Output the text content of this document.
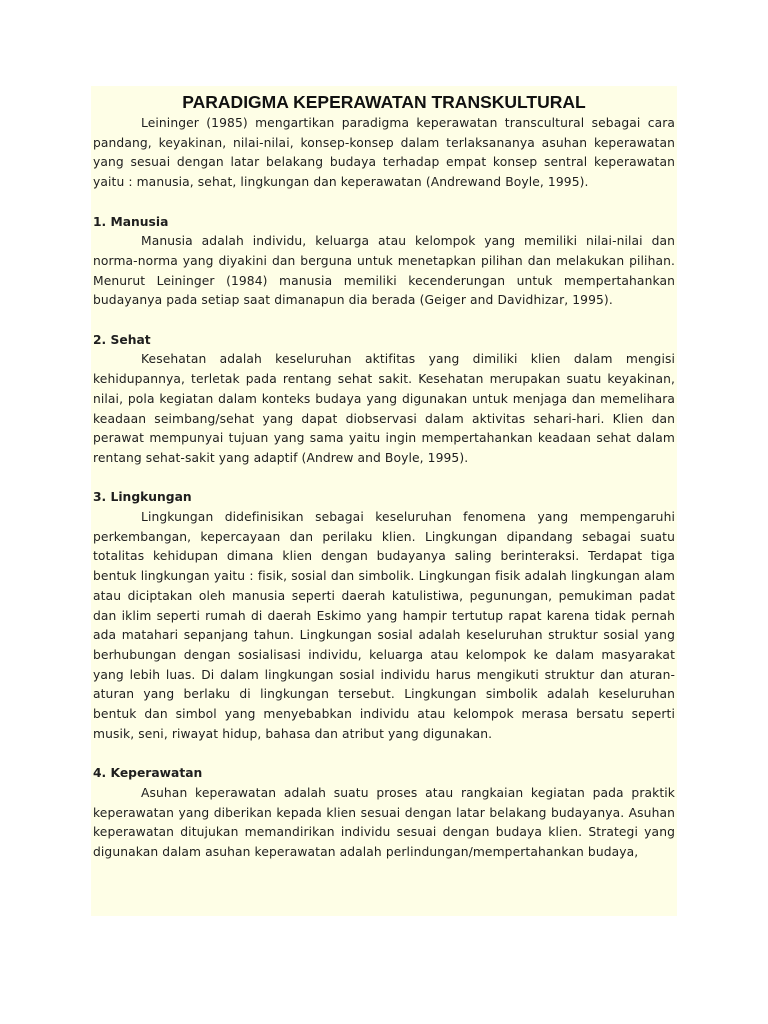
PARADIGMA KEPERAWATAN TRANSKULTURAL

Leininger (1985) mengartikan paradigma keperawatan transcultural sebagai cara pandang, keyakinan, nilai-nilai, konsep-konsep dalam terlaksananya asuhan keperawatan yang sesuai dengan latar belakang budaya terhadap empat konsep sentral keperawatan yaitu : manusia, sehat, lingkungan dan keperawatan (Andrewand Boyle, 1995).

1. Manusia

Manusia adalah individu, keluarga atau kelompok yang memiliki nilai-nilai dan norma-norma yang diyakini dan berguna untuk menetapkan pilihan dan melakukan pilihan. Menurut Leininger (1984) manusia memiliki kecenderungan untuk mempertahankan budayanya pada setiap saat dimanapun dia berada (Geiger and Davidhizar, 1995).

2. Sehat

Kesehatan adalah keseluruhan aktifitas yang dimiliki klien dalam mengisi kehidupannya, terletak pada rentang sehat sakit. Kesehatan merupakan suatu keyakinan, nilai, pola kegiatan dalam konteks budaya yang digunakan untuk menjaga dan memelihara keadaan seimbang/sehat yang dapat diobservasi dalam aktivitas sehari-hari. Klien dan perawat mempunyai tujuan yang sama yaitu ingin mempertahankan keadaan sehat dalam rentang sehat-sakit yang adaptif (Andrew and Boyle, 1995).

3. Lingkungan

Lingkungan didefinisikan sebagai keseluruhan fenomena yang mempengaruhi perkembangan, kepercayaan dan perilaku klien. Lingkungan dipandang sebagai suatu totalitas kehidupan dimana klien dengan budayanya saling berinteraksi. Terdapat tiga bentuk lingkungan yaitu : fisik, sosial dan simbolik. Lingkungan fisik adalah lingkungan alam atau diciptakan oleh manusia seperti daerah katulistiwa, pegunungan, pemukiman padat dan iklim seperti rumah di daerah Eskimo yang hampir tertutup rapat karena tidak pernah ada matahari sepanjang tahun. Lingkungan sosial adalah keseluruhan struktur sosial yang berhubungan dengan sosialisasi individu, keluarga atau kelompok ke dalam masyarakat yang lebih luas. Di dalam lingkungan sosial individu harus mengikuti struktur dan aturan-aturan yang berlaku di lingkungan tersebut. Lingkungan simbolik adalah keseluruhan bentuk dan simbol yang menyebabkan individu atau kelompok merasa bersatu seperti musik, seni, riwayat hidup, bahasa dan atribut yang digunakan.

4. Keperawatan

Asuhan keperawatan adalah suatu proses atau rangkaian kegiatan pada praktik keperawatan yang diberikan kepada klien sesuai dengan latar belakang budayanya. Asuhan keperawatan ditujukan memandirikan individu sesuai dengan budaya klien. Strategi yang digunakan dalam asuhan keperawatan adalah perlindungan/mempertahankan budaya,
